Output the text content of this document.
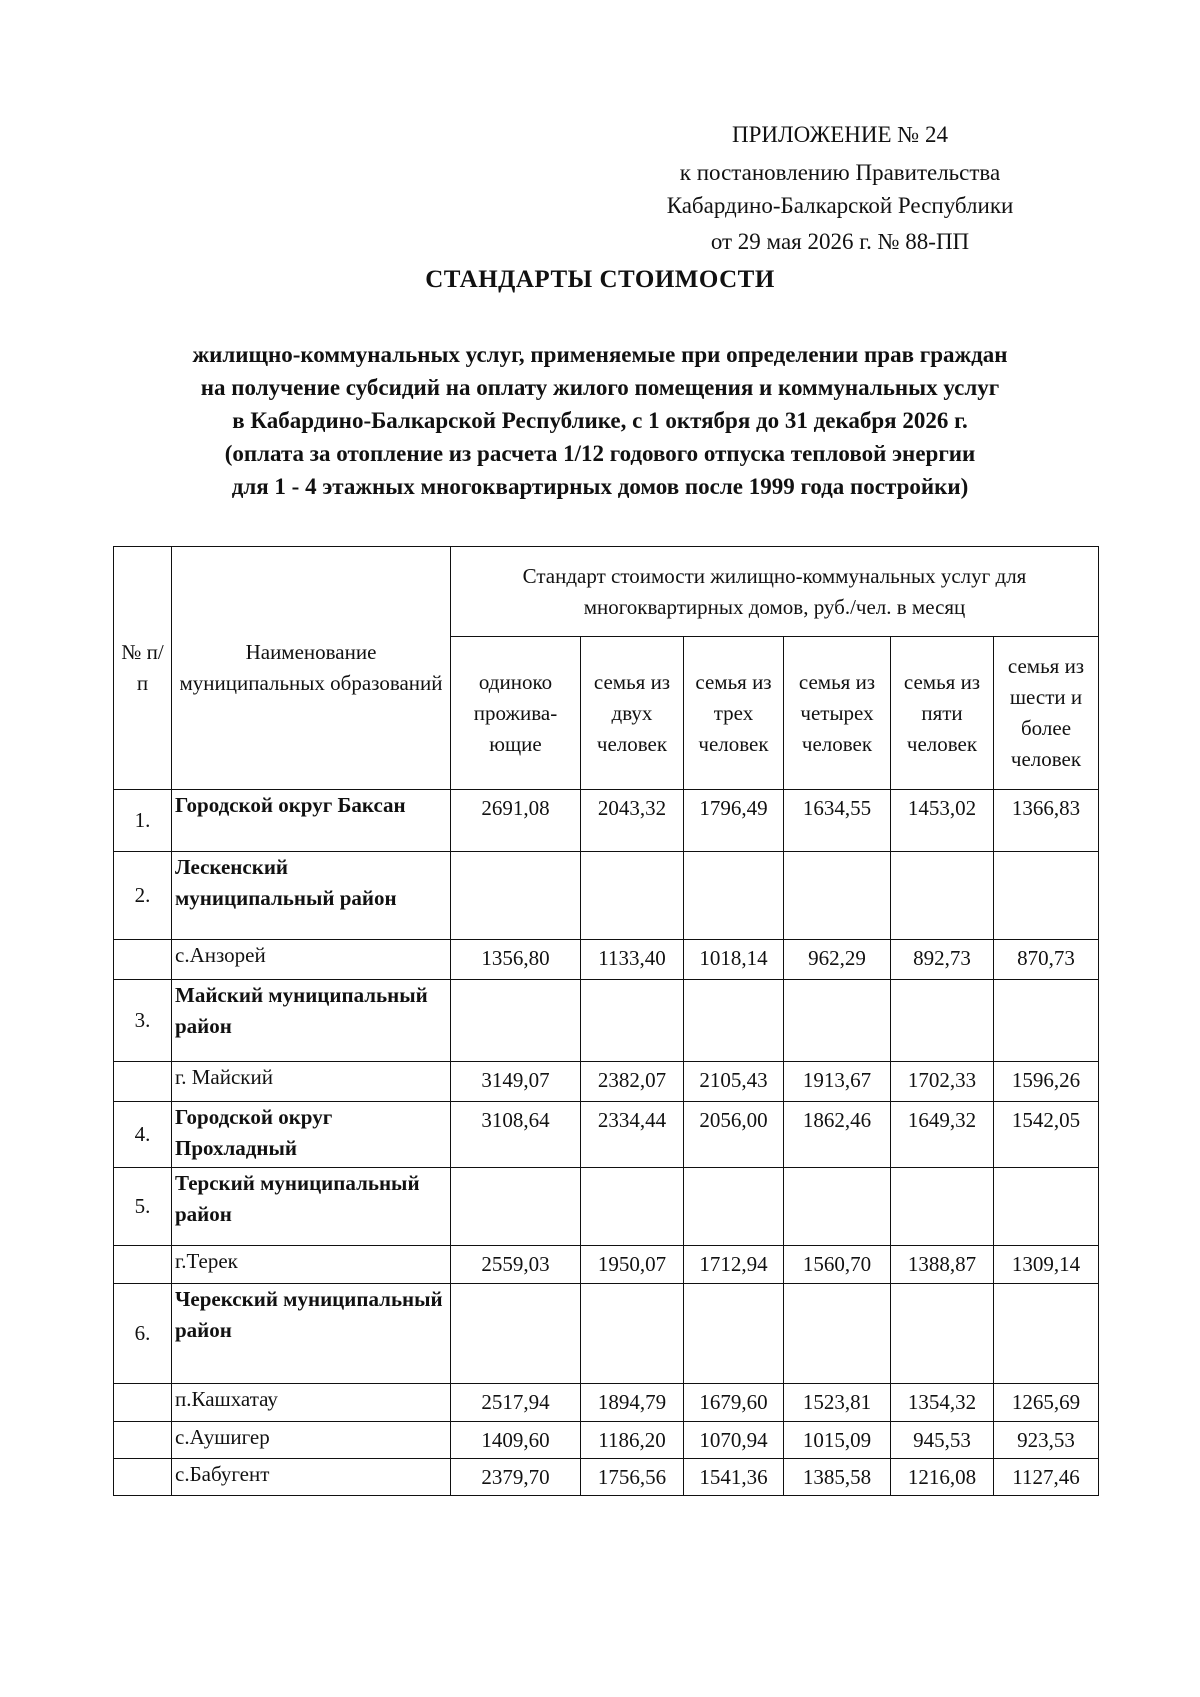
ПРИЛОЖЕНИЕ № 24
к постановлению Правительства
Кабардино-Балкарской Республики
от 29 мая 2026 г. № 88-ПП
СТАНДАРТЫ СТОИМОСТИ
жилищно-коммунальных услуг, применяемые при определении прав граждан
на получение субсидий на оплату жилого помещения и коммунальных услуг
в Кабардино-Балкарской Республике, с 1 октября до 31 декабря 2026 г.
(оплата за отопление из расчета 1/12 годового отпуска тепловой энергии
для 1 - 4 этажных многоквартирных домов после 1999 года постройки)
№ п/п	Наименование муниципальных образований	Стандарт стоимости жилищно-коммунальных услуг для многоквартирных домов, руб./чел. в месяц					
		одиноко прожива-ющие	семья из двух человек	семья из трех человек	семья из четырех человек	семья из пяти человек	семья из шести и более человек
1.	Городской округ Баксан	2691,08	2043,32	1796,49	1634,55	1453,02	1366,83
2.	Лескенский муниципальный район						
	с.Анзорей	1356,80	1133,40	1018,14	962,29	892,73	870,73
3.	Майский муниципальный район						
	г. Майский	3149,07	2382,07	2105,43	1913,67	1702,33	1596,26
4.	Городской округ Прохладный	3108,64	2334,44	2056,00	1862,46	1649,32	1542,05
5.	Терский муниципальный район						
	г.Терек	2559,03	1950,07	1712,94	1560,70	1388,87	1309,14
6.	Черекский муниципальный район						
	п.Кашхатау	2517,94	1894,79	1679,60	1523,81	1354,32	1265,69
	с.Аушигер	1409,60	1186,20	1070,94	1015,09	945,53	923,53
	с.Бабугент	2379,70	1756,56	1541,36	1385,58	1216,08	1127,46
